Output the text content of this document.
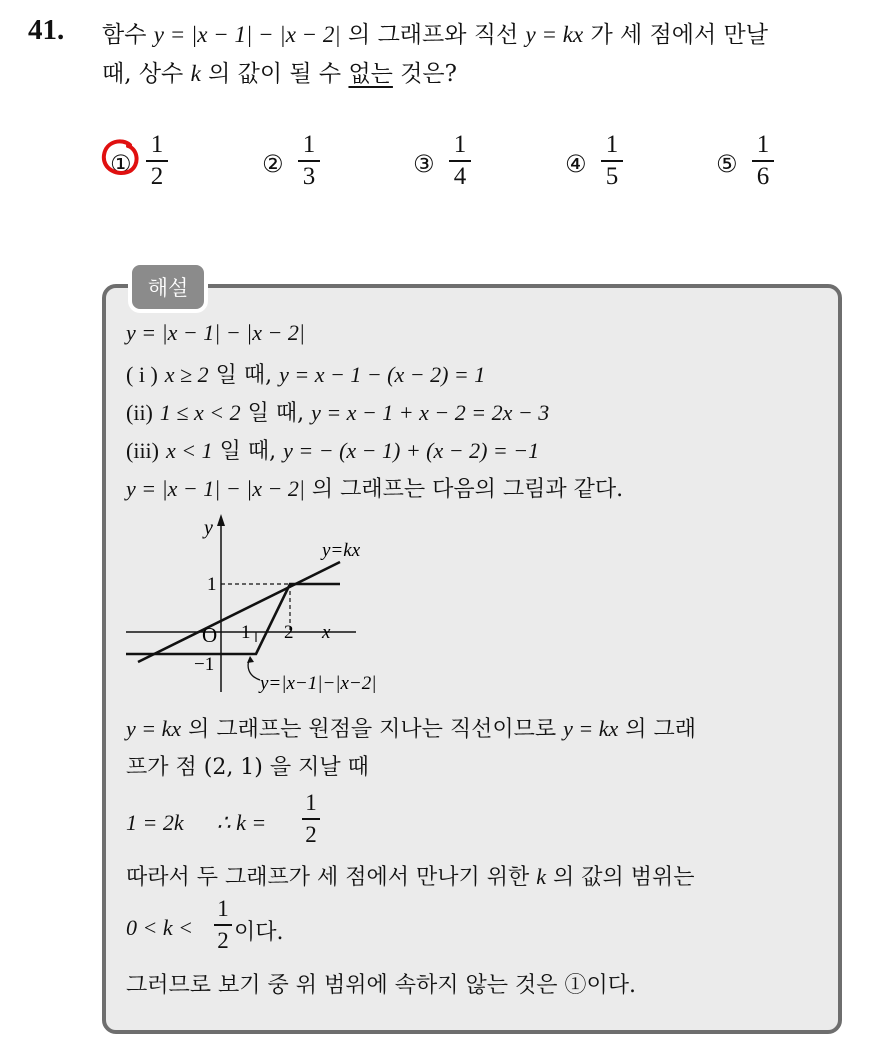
41. 함수 y = |x − 1| − |x − 2| 의 그래프와 직선 y = kx 가 세 점에서 만날
때, 상수 k 의 값이 될 수 없는 것은?
①
1
2	②
1
3	③
1
4	④
1
5	⑤
1
6
해설
y = |x − 1| − |x − 2|
( i ) x ≥ 2 일 때, y = x − 1 − (x − 2) = 1
(ii) 1 ≤ x < 2 일 때, y = x − 1 + x − 2 = 2x − 3
(iii) x < 1 일 때, y = − (x − 1) + (x − 2) = −1
y = |x − 1| − |x − 2| 의 그래프는 다음의 그림과 같다.
y
x
O 1 2
1
−1
y=kx
y=|x−1|−|x−2|
y = kx 의 그래프는 원점을 지나는 직선이므로 y = kx 의 그래
프가 점 (2, 1) 을 지날 때
1 = 2k ∴ k =
1
2
따라서 두 그래프가 세 점에서 만나기 위한 k 의 값의 범위는
0 < k <
1
2 이다.
그러므로 보기 중 위 범위에 속하지 않는 것은 ①이다.
